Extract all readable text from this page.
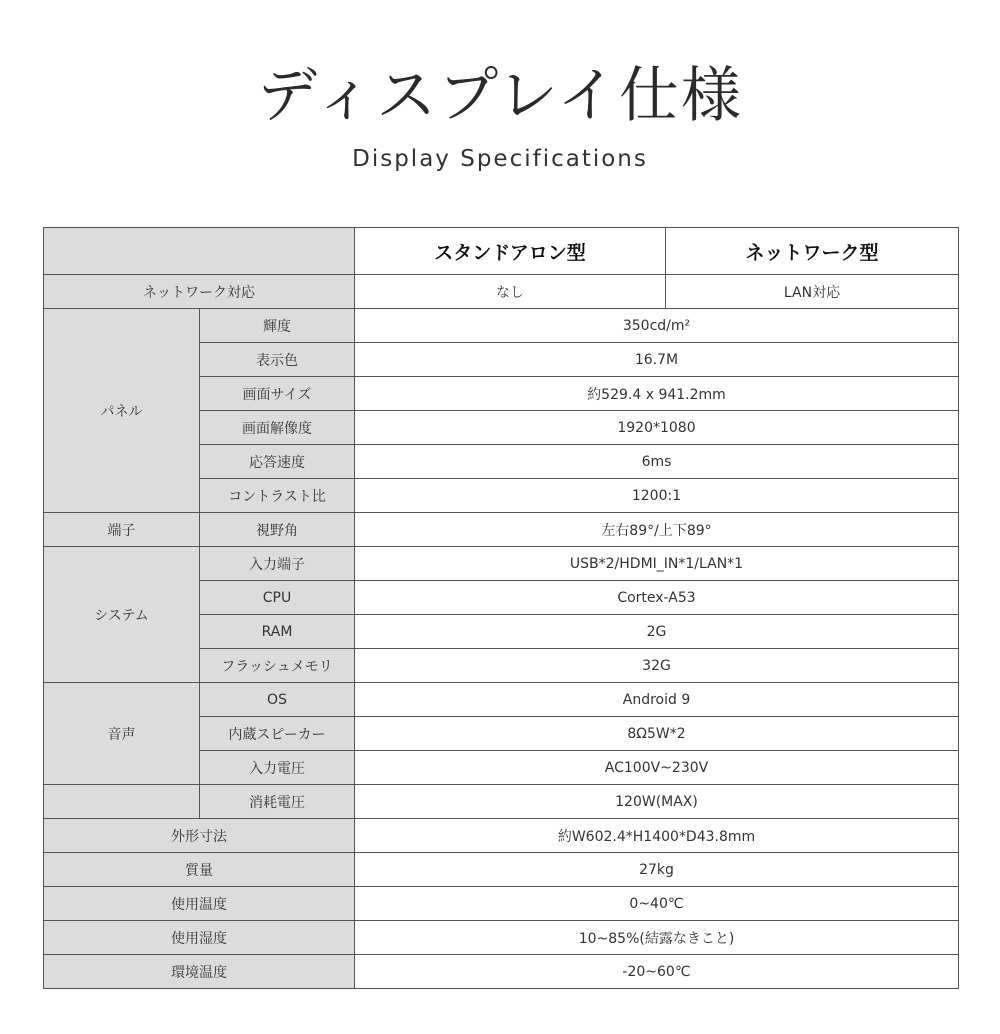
ディスプレイ仕様
Display Specifications
		スタンドアロン型	ネットワーク型
ネットワーク対応		なし	LAN対応
パネル	輝度	350cd/m²	
	表示色	16.7M	
	画面サイズ	約529.4 x 941.2mm	
	画面解像度	1920*1080	
	応答速度	6ms	
	コントラスト比	1200:1	
端子	視野角	左右89°/上下89°	
システム	入力端子	USB*2/HDMI_IN*1/LAN*1	
	CPU	Cortex-A53	
	RAM	2G	
	フラッシュメモリ	32G	
音声	OS	Android 9	
	内蔵スピーカー	8Ω5W*2	
	入力電圧	AC100V~230V	
	消耗電圧	120W(MAX)	
外形寸法		約W602.4*H1400*D43.8mm	
質量		27kg	
使用温度		0~40℃	
使用湿度		10~85%(結露なきこと)	
環境温度		-20~60℃	
